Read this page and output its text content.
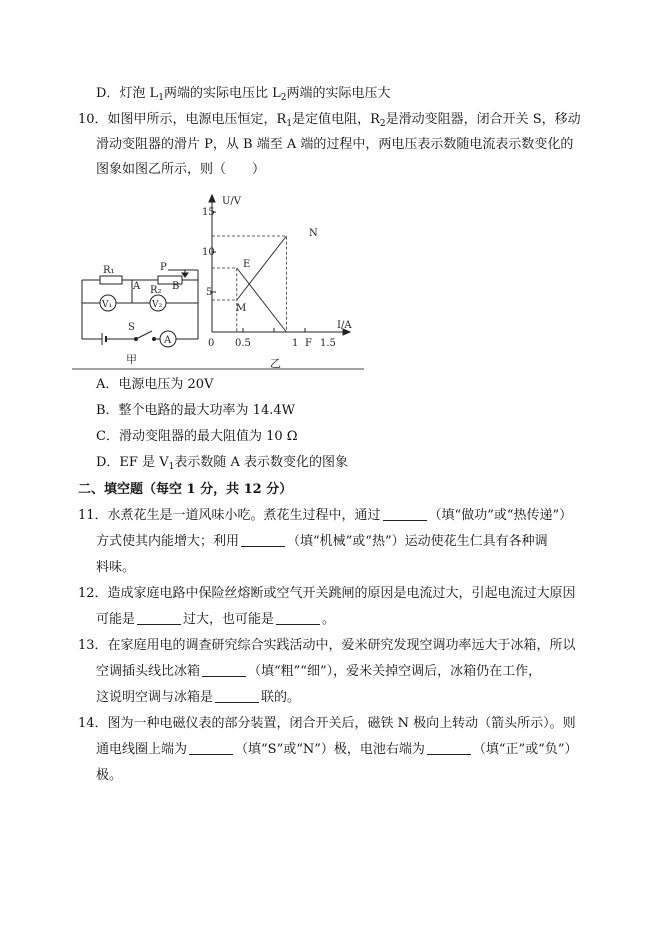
D．灯泡 $L_1$两端的实际电压比 $L_2$两端的实际电压大
10．如图甲所示，电源电压恒定，$R_1$是定值电阻，$R_2$是滑动变阻器，闭合开关 S，移动
滑动变阻器的滑片 P，从 B 端至 A 端的过程中，两电压表示数随电流表示数变化的
图象如图乙所示，则（　　）
R₁	P
A R₂ B
V₁	V₂
S
A
甲
U/V
I/A
0
15
10
5
0.5	1 1.5
E
M
N
F
乙
A．电源电压为 20V
B．整个电路的最大功率为 14.4W
C．滑动变阻器的最大阻值为 10 Ω
D．EF 是 $V_1$表示数随 A 表示数变化的图象
二、填空题（每空 1 分，共 12 分）
11．水煮花生是一道风味小吃。煮花生过程中，通过	（填“做功”或“热传递”）
方式使其内能增大；利用	（填“机械”或“热”）运动使花生仁具有各种调
料味。
12．造成家庭电路中保险丝熔断或空气开关跳闸的原因是电流过大，引起电流过大原因
可能是	过大，也可能是	。
13．在家庭用电的调查研究综合实践活动中，爱米研究发现空调功率远大于冰箱，所以
空调插头线比冰箱	（填“粗”“细”），爱米关掉空调后，冰箱仍在工作，
这说明空调与冰箱是	联的。
14．图为一种电磁仪表的部分装置，闭合开关后，磁铁 N 极向上转动（箭头所示）。则
通电线圈上端为	（填“S”或“N”）极，电池右端为	（填“正”或“负”）
极。
